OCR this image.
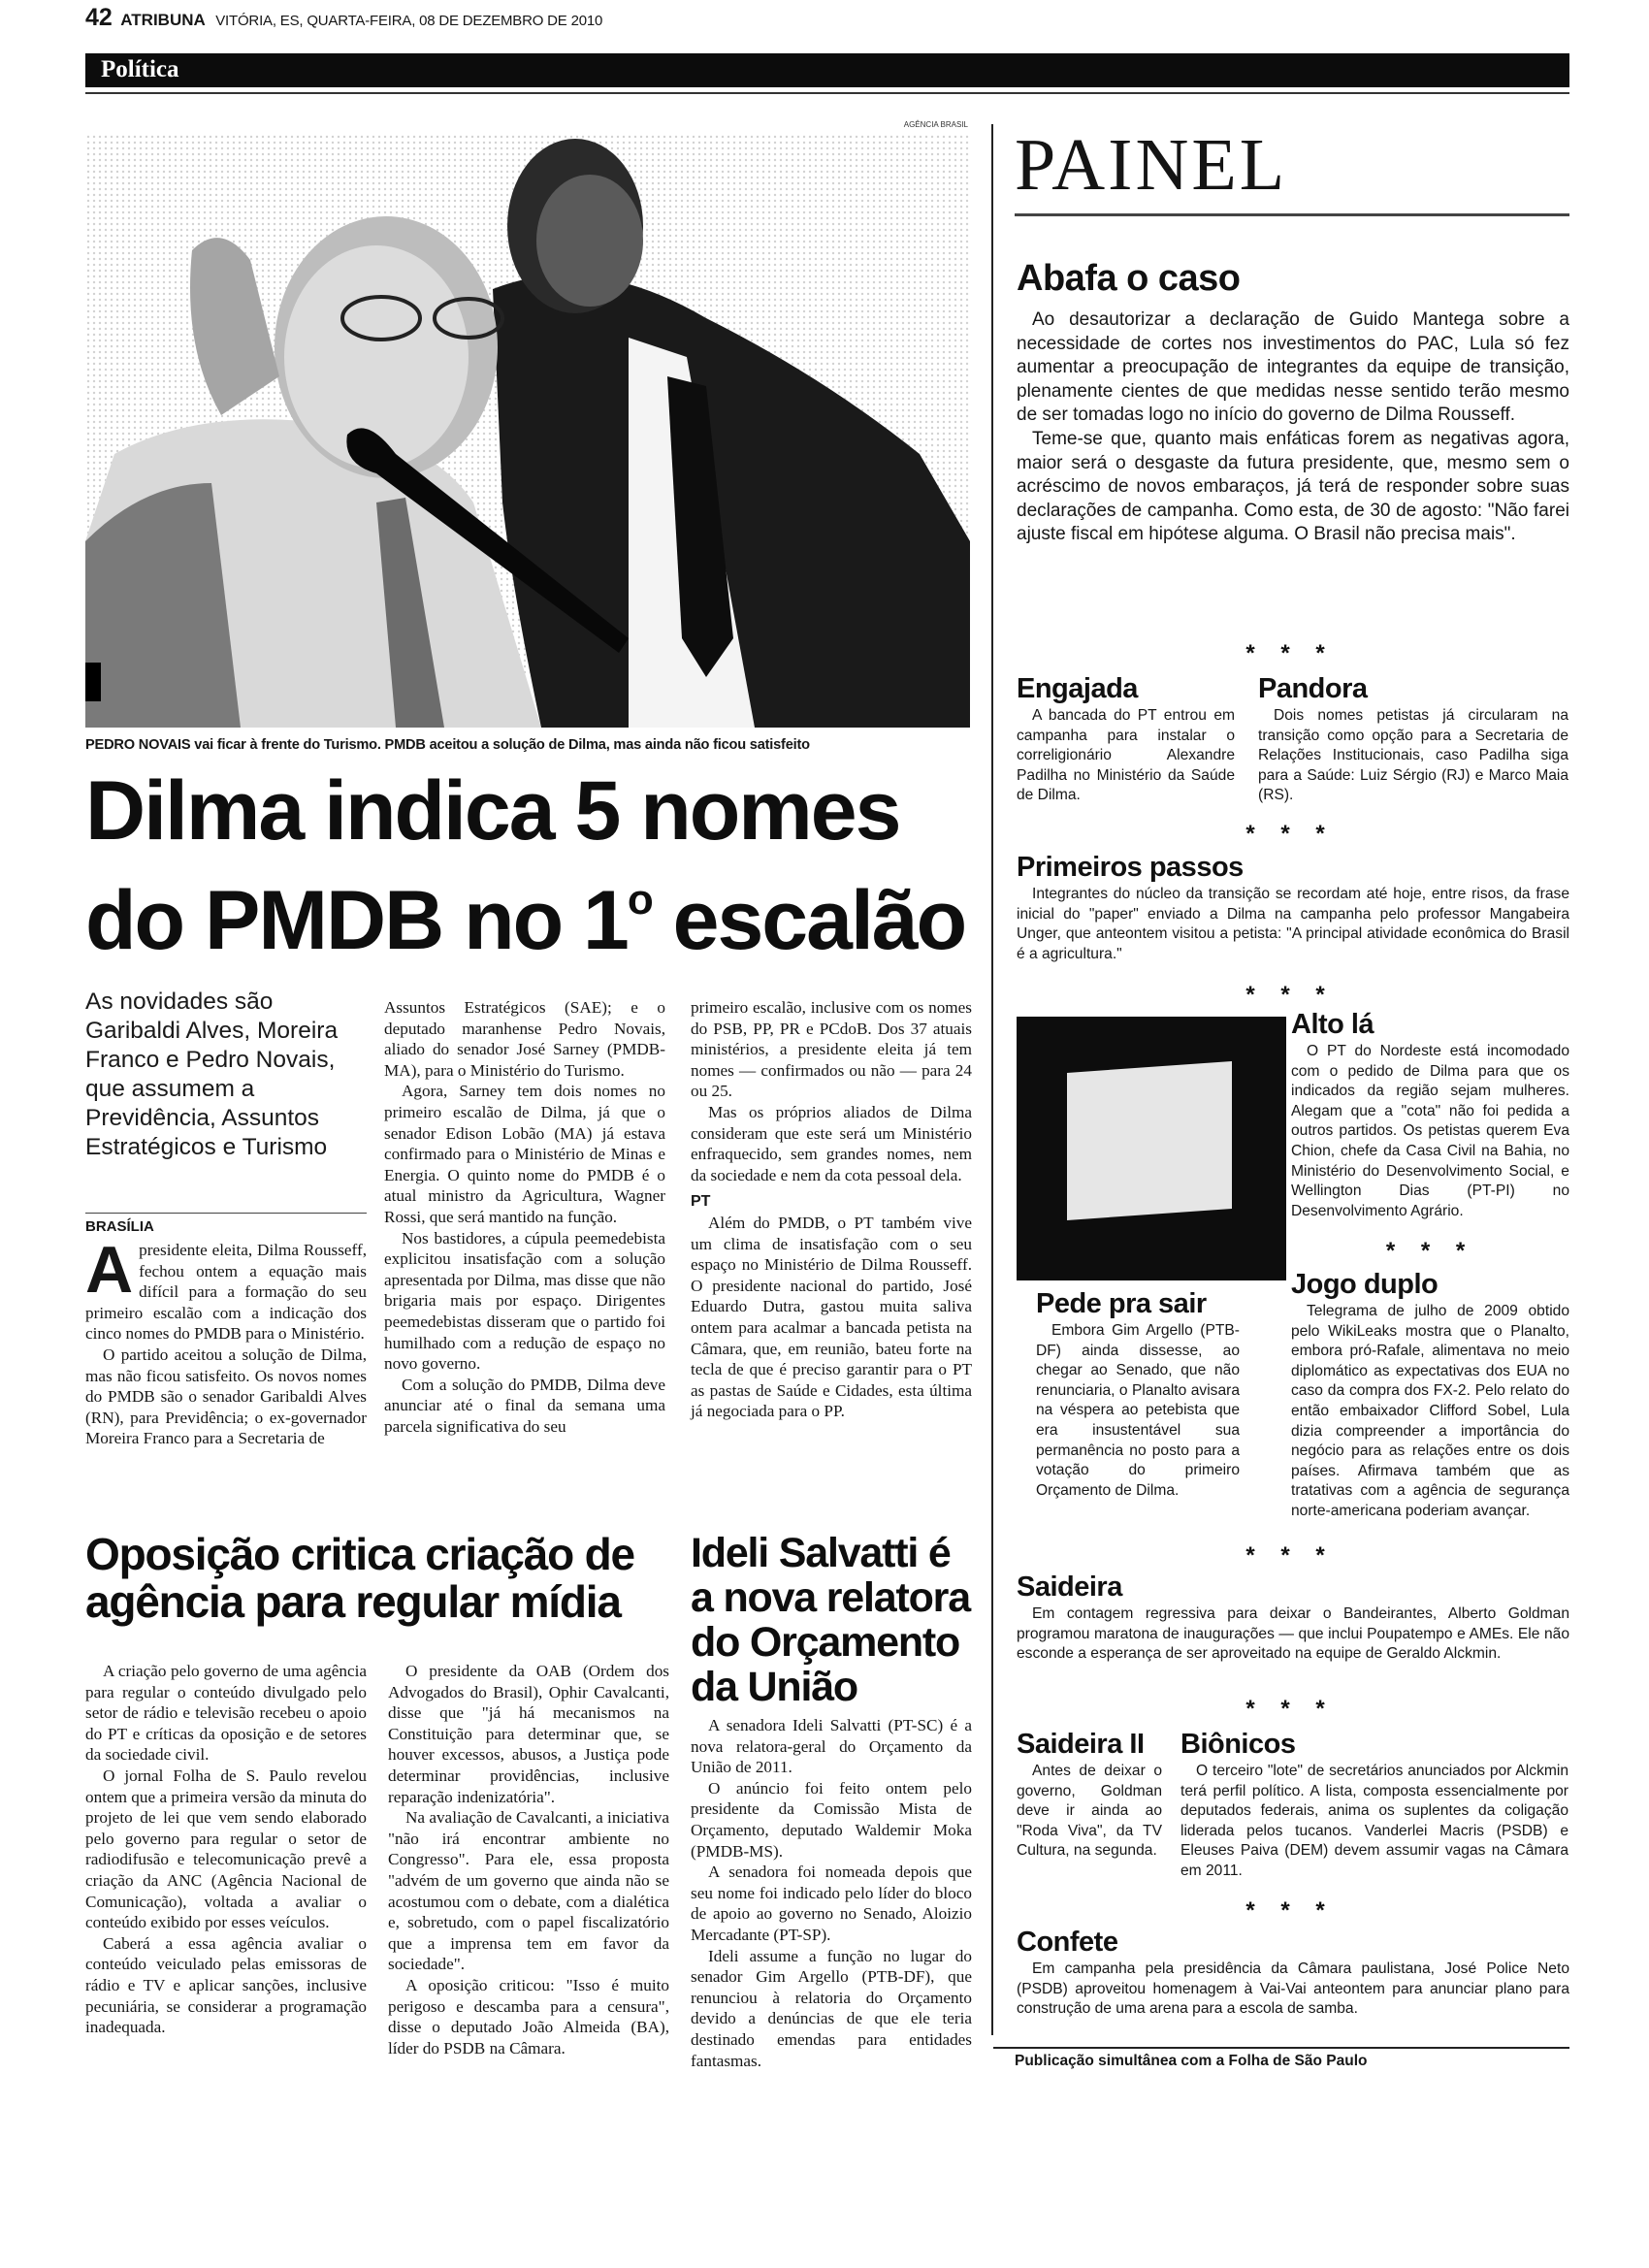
42 ATRIBUNA VITÓRIA, ES, QUARTA-FEIRA, 08 DE DEZEMBRO DE 2010
Política
AGÊNCIA BRASIL
PEDRO NOVAIS vai ficar à frente do Turismo. PMDB aceitou a solução de Dilma, mas ainda não ficou satisfeito
Dilma indica 5 nomes
do PMDB no 1$^o$ escalão
As novidades são Garibaldi Alves, Moreira Franco e Pedro Novais, que assumem a Previdência, Assuntos Estratégicos e Turismo
BRASÍLIA

Apresidente eleita, Dilma Rousseff, fechou ontem a equação mais difícil para a formação do seu primeiro escalão com a indicação dos cinco nomes do PMDB para o Ministério.

O partido aceitou a solução de Dilma, mas não ficou satisfeito. Os novos nomes do PMDB são o senador Garibaldi Alves (RN), para Previdência; o ex-governador Moreira Franco para a Secretaria de

Assuntos Estratégicos (SAE); e o deputado maranhense Pedro Novais, aliado do senador José Sarney (PMDB-MA), para o Ministério do Turismo.

Agora, Sarney tem dois nomes no primeiro escalão de Dilma, já que o senador Edison Lobão (MA) já estava confirmado para o Ministério de Minas e Energia. O quinto nome do PMDB é o atual ministro da Agricultura, Wagner Rossi, que será mantido na função.

Nos bastidores, a cúpula peemedebista explicitou insatisfação com a solução apresentada por Dilma, mas disse que não brigaria mais por espaço. Dirigentes peemedebistas disseram que o partido foi humilhado com a redução de espaço no novo governo.

Com a solução do PMDB, Dilma deve anunciar até o final da semana uma parcela significativa do seu

primeiro escalão, inclusive com os nomes do PSB, PP, PR e PCdoB. Dos 37 atuais ministérios, a presidente eleita já tem nomes — confirmados ou não — para 24 ou 25.

Mas os próprios aliados de Dilma consideram que este será um Ministério enfraquecido, sem grandes nomes, nem da sociedade e nem da cota pessoal dela.

PT

Além do PMDB, o PT também vive um clima de insatisfação com o seu espaço no Ministério de Dilma Rousseff. O presidente nacional do partido, José Eduardo Dutra, gastou muita saliva ontem para acalmar a bancada petista na Câmara, que, em reunião, bateu forte na tecla de que é preciso garantir para o PT as pastas de Saúde e Cidades, esta última já negociada para o PP.

Oposição critica criação de
agência para regular mídia

A criação pelo governo de uma agência para regular o conteúdo divulgado pelo setor de rádio e televisão recebeu o apoio do PT e críticas da oposição e de setores da sociedade civil.

O jornal Folha de S. Paulo revelou ontem que a primeira versão da minuta do projeto de lei que vem sendo elaborado pelo governo para regular o setor de radiodifusão e telecomunicação prevê a criação da ANC (Agência Nacional de Comunicação), voltada a avaliar o conteúdo exibido por esses veículos.

Caberá a essa agência avaliar o conteúdo veiculado pelas emissoras de rádio e TV e aplicar sanções, inclusive pecuniária, se considerar a programação inadequada.

O presidente da OAB (Ordem dos Advogados do Brasil), Ophir Cavalcanti, disse que "já há mecanismos na Constituição para determinar que, se houver excessos, abusos, a Justiça pode determinar providências, inclusive reparação indenizatória".

Na avaliação de Cavalcanti, a iniciativa "não irá encontrar ambiente no Congresso". Para ele, essa proposta "advém de um governo que ainda não se acostumou com o debate, com a dialética e, sobretudo, com o papel fiscalizatório que a imprensa tem em favor da sociedade".

A oposição criticou: "Isso é muito perigoso e descamba para a censura", disse o deputado João Almeida (BA), líder do PSDB na Câmara.

Ideli Salvatti é
a nova relatora
do Orçamento
da União

A senadora Ideli Salvatti (PT-SC) é a nova relatora-geral do Orçamento da União de 2011.

O anúncio foi feito ontem pelo presidente da Comissão Mista de Orçamento, deputado Waldemir Moka (PMDB-MS).

A senadora foi nomeada depois que seu nome foi indicado pelo líder do bloco de apoio ao governo no Senado, Aloizio Mercadante (PT-SP).

Ideli assume a função no lugar do senador Gim Argello (PTB-DF), que renunciou à relatoria do Orçamento devido a denúncias de que ele teria destinado emendas para entidades fantasmas.

PAINEL
Abafa o caso

Ao desautorizar a declaração de Guido Mantega sobre a necessidade de cortes nos investimentos do PAC, Lula só fez aumentar a preocupação de integrantes da equipe de transição, plenamente cientes de que medidas nesse sentido terão mesmo de ser tomadas logo no início do governo de Dilma Rousseff.

Teme-se que, quanto mais enfáticas forem as negativas agora, maior será o desgaste da futura presidente, que, mesmo sem o acréscimo de novos embaraços, já terá de responder sobre suas declarações de campanha. Como esta, de 30 de agosto: "Não farei ajuste fiscal em hipótese alguma. O Brasil não precisa mais".

* * *
Engajada

A bancada do PT entrou em campanha para instalar o correligionário Alexandre Padilha no Ministério da Saúde de Dilma.

Pandora

Dois nomes petistas já circularam na transição como opção para a Secretaria de Relações Institucionais, caso Padilha siga para a Saúde: Luiz Sérgio (RJ) e Marco Maia (RS).

* * *
Primeiros passos

Integrantes do núcleo da transição se recordam até hoje, entre risos, da frase inicial do "paper" enviado a Dilma na campanha pelo professor Mangabeira Unger, que anteontem visitou a petista: "A principal atividade econômica do Brasil é a agricultura."

* * *
Alto lá

O PT do Nordeste está incomodado com o pedido de Dilma para que os indicados da região sejam mulheres. Alegam que a "cota" não foi pedida a outros partidos. Os petistas querem Eva Chion, chefe da Casa Civil na Bahia, no Ministério do Desenvolvimento Social, e Wellington Dias (PT-PI) no Desenvolvimento Agrário.

* * *
Pede pra sair

Embora Gim Argello (PTB-DF) ainda dissesse, ao chegar ao Senado, que não renunciaria, o Planalto avisara na véspera ao petebista que era insustentável sua permanência no posto para a votação do primeiro Orçamento de Dilma.

Jogo duplo

Telegrama de julho de 2009 obtido pelo WikiLeaks mostra que o Planalto, embora pró-Rafale, alimentava no meio diplomático as expectativas dos EUA no caso da compra dos FX-2. Pelo relato do então embaixador Clifford Sobel, Lula dizia compreender a importância do negócio para as relações entre os dois países. Afirmava também que as tratativas com a agência de segurança norte-americana poderiam avançar.

* * *
Saideira

Em contagem regressiva para deixar o Bandeirantes, Alberto Goldman programou maratona de inaugurações — que inclui Poupatempo e AMEs. Ele não esconde a esperança de ser aproveitado na equipe de Geraldo Alckmin.

* * *
Saideira II

Antes de deixar o governo, Goldman deve ir ainda ao "Roda Viva", da TV Cultura, na segunda.

Biônicos

O terceiro "lote" de secretários anunciados por Alckmin terá perfil político. A lista, composta essencialmente por deputados federais, anima os suplentes da coligação liderada pelos tucanos. Vanderlei Macris (PSDB) e Eleuses Paiva (DEM) devem assumir vagas na Câmara em 2011.

* * *
Confete

Em campanha pela presidência da Câmara paulistana, José Police Neto (PSDB) aproveitou homenagem à Vai-Vai anteontem para anunciar plano para construção de uma arena para a escola de samba.

Publicação simultânea com a Folha de São Paulo
